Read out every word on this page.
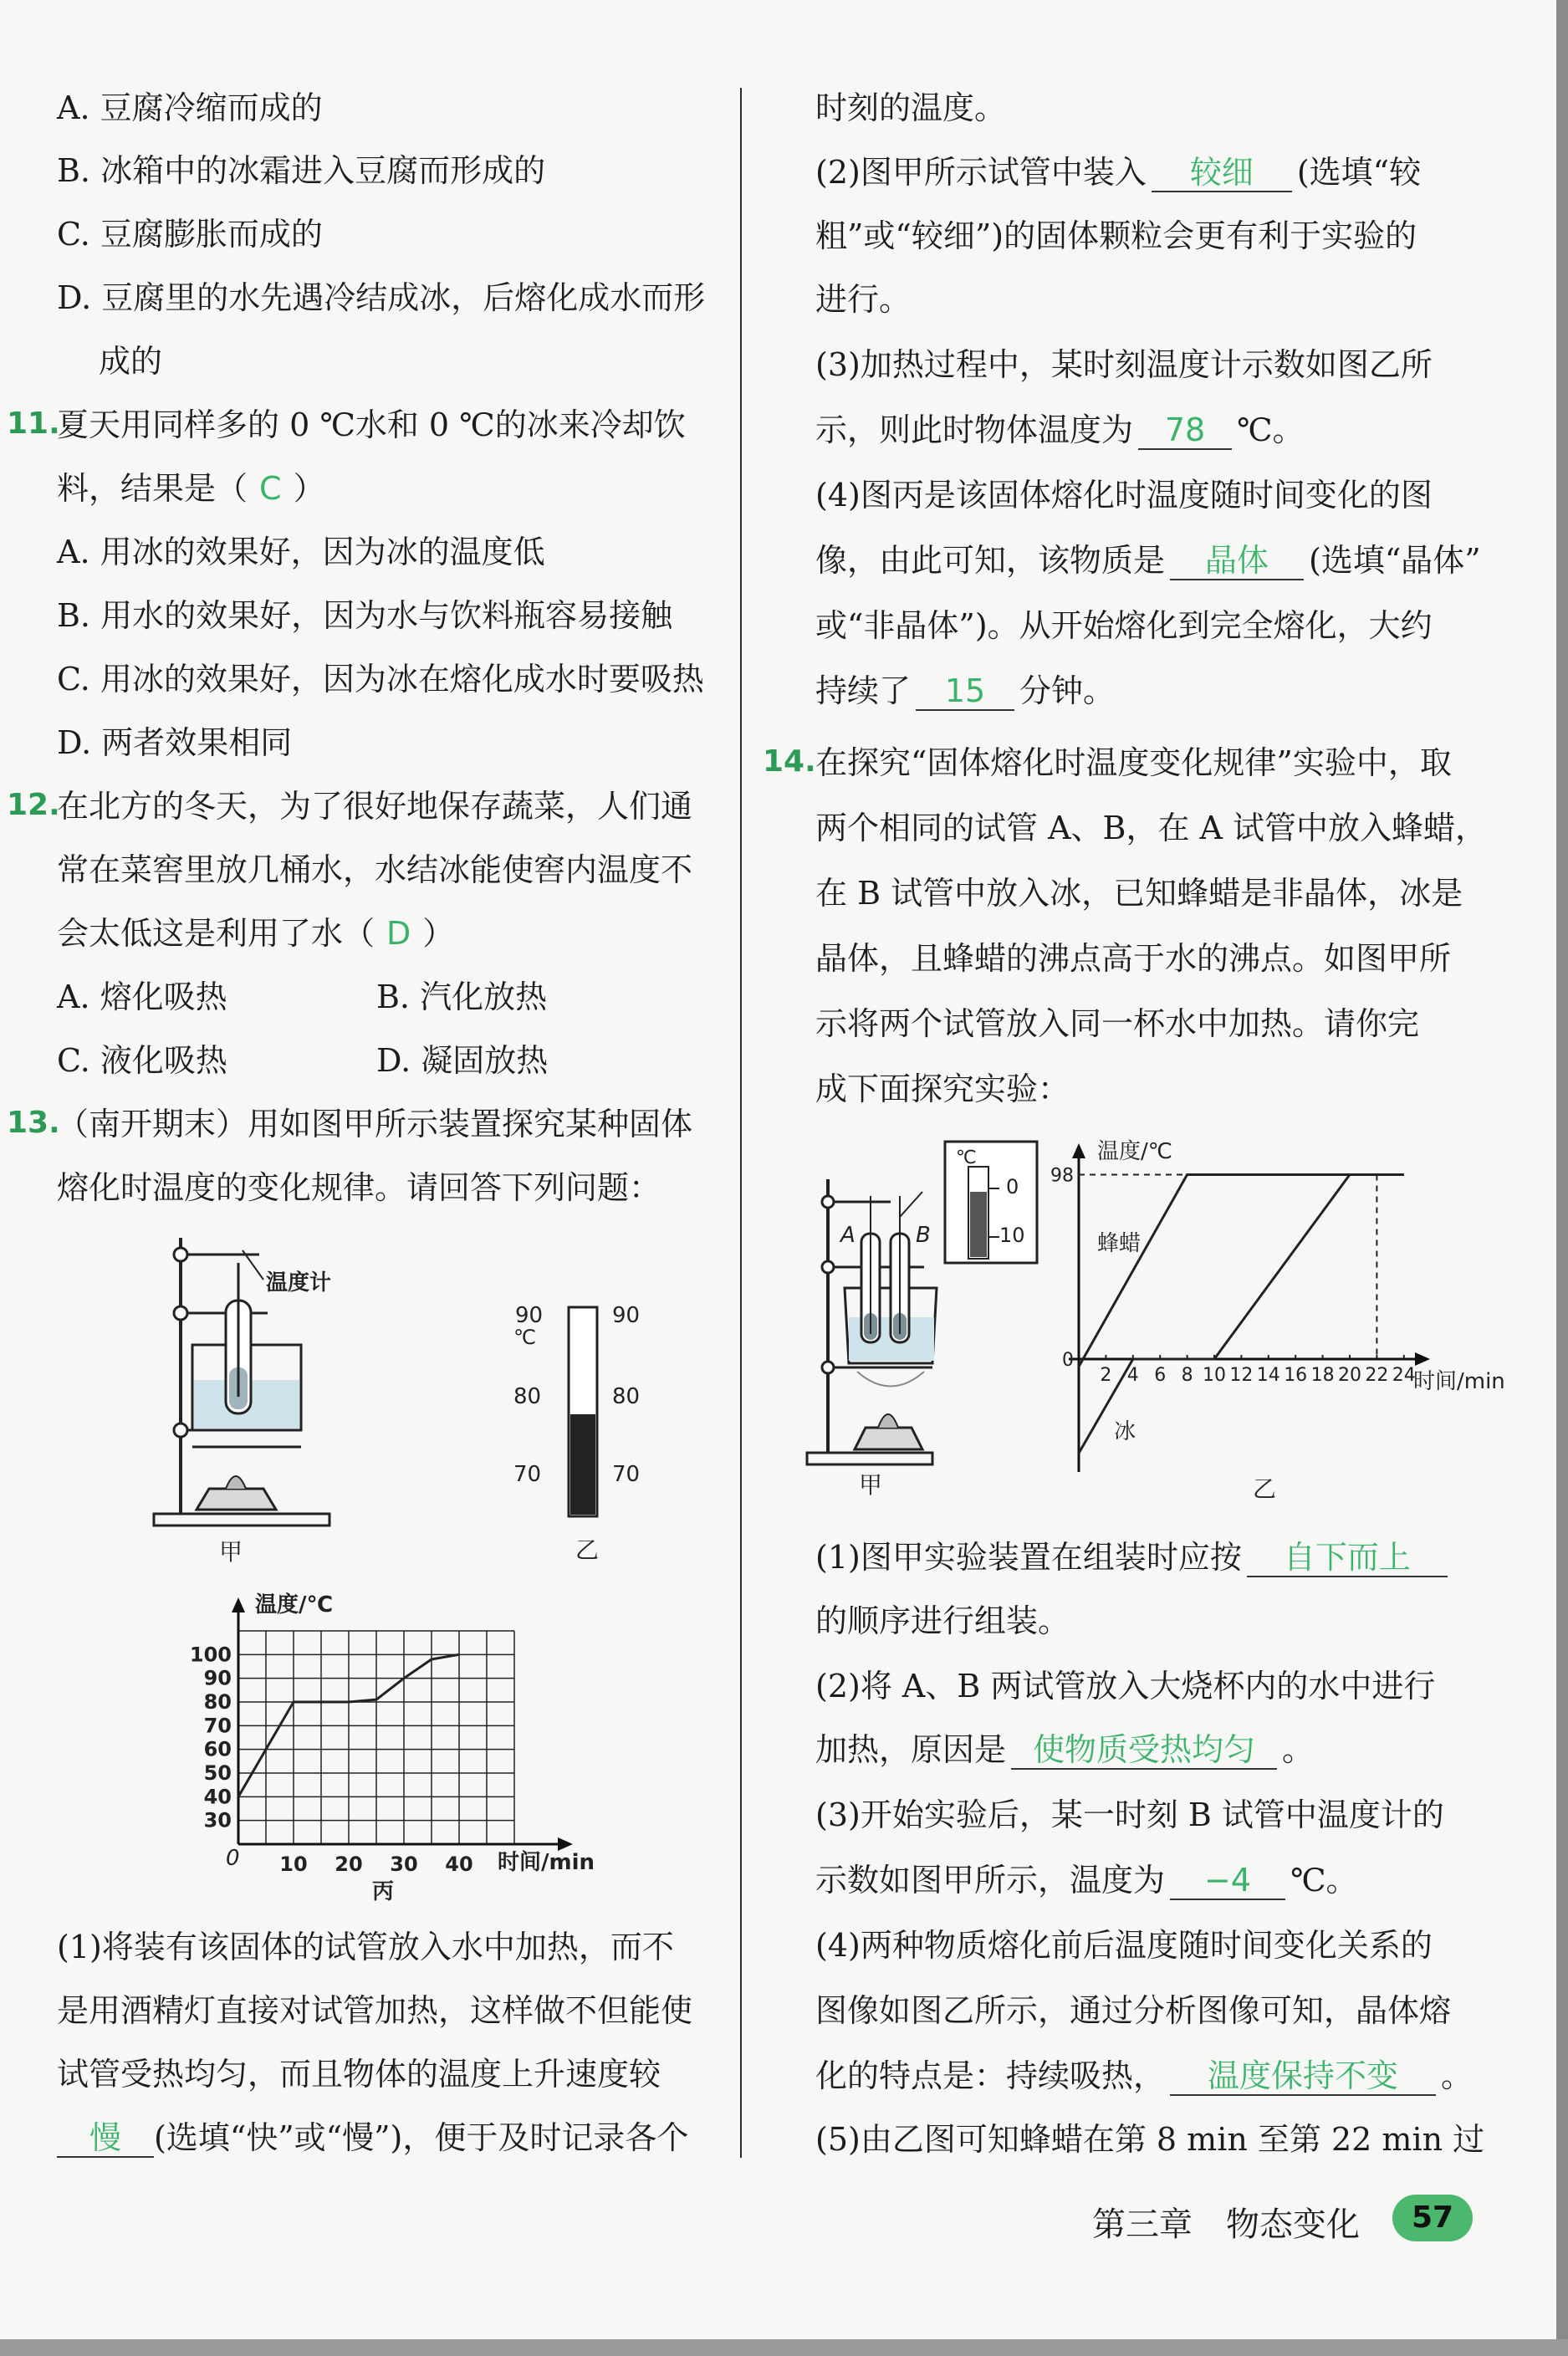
A. 豆腐冷缩而成的
B. 冰箱中的冰霜进入豆腐而形成的
C. 豆腐膨胀而成的
D. 豆腐里的水先遇冷结成冰，后熔化成水而形
成的
11.
夏天用同样多的 0 ℃水和 0 ℃的冰来冷却饮
料，结果是（ C ）
A. 用冰的效果好，因为冰的温度低
B. 用水的效果好，因为水与饮料瓶容易接触
C. 用冰的效果好，因为冰在熔化成水时要吸热
D. 两者效果相同
12.
在北方的冬天，为了很好地保存蔬菜，人们通
常在菜窖里放几桶水，水结冰能使窖内温度不
会太低这是利用了水（ D ）
A. 熔化吸热	B. 汽化放热
C. 液化吸热	D. 凝固放热
13.
（南开期末）用如图甲所示装置探究某种固体
熔化时温度的变化规律。请回答下列问题：
温度计
甲
90
℃
80
70
90
80
70
乙
100
90
80
70
60
50
40
30
10 20 30 40
温度/℃
时间/min
0
丙
(1)将装有该固体的试管放入水中加热，而不
是用酒精灯直接对试管加热，这样做不但能使
试管受热均匀，而且物体的温度上升速度较
慢 (选填“快”或“慢”)，便于及时记录各个
时刻的温度。
(2)图甲所示试管中装入 较细 (选填“较
粗”或“较细”)的固体颗粒会更有利于实验的
进行。
(3)加热过程中，某时刻温度计示数如图乙所
示，则此时物体温度为 78 ℃。
(4)图丙是该固体熔化时温度随时间变化的图
像，由此可知，该物质是 晶体 (选填“晶体”
或“非晶体”)。从开始熔化到完全熔化，大约
持续了 15 分钟。
14. 在探究“固体熔化时温度变化规律”实验中，取
两个相同的试管 A、B，在 A 试管中放入蜂蜡，
在 B 试管中放入冰，已知蜂蜡是非晶体，冰是
晶体，且蜂蜡的沸点高于水的沸点。如图甲所
示将两个试管放入同一杯水中加热。请你完
成下面探究实验：
A	B
℃
0
10
甲
2 4 6 8 10 12 14 16 18 20 22 24
98
0
温度/℃
时间/min
蜂蜡
冰
乙
(1)图甲实验装置在组装时应按 自下而上
的顺序进行组装。
(2)将 A、B 两试管放入大烧杯内的水中进行
加热，原因是 使物质受热均匀 。
(3)开始实验后，某一时刻 B 试管中温度计的
示数如图甲所示，温度为 −4 ℃。
(4)两种物质熔化前后温度随时间变化关系的
图像如图乙所示，通过分析图像可知，晶体熔
化的特点是：持续吸热， 温度保持不变 。
(5)由乙图可知蜂蜡在第 8 min 至第 22 min 过
第三章　物态变化	57
